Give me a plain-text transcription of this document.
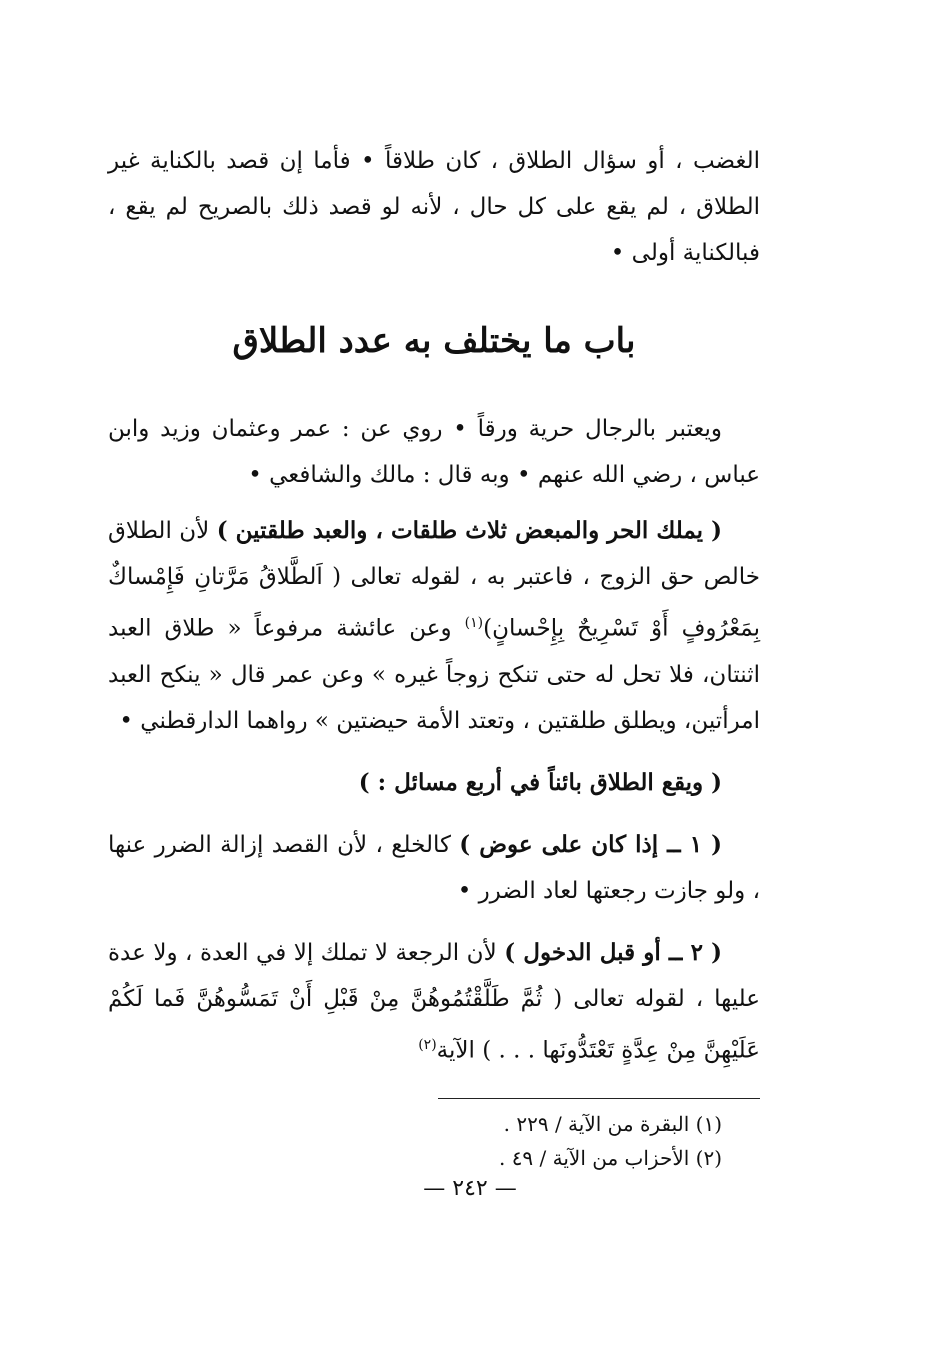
الغضب ، أو سؤال الطلاق ، كان طلاقاً • فأما إن قصد بالكناية غير الطلاق ، لم يقع على كل حال ، لأنه لو قصد ذلك بالصريح لم يقع ، فبالكناية أولى •

باب ما يختلف به عدد الطلاق

ويعتبر بالرجال حرية ورقاً • روي عن : عمر وعثمان وزيد وابن عباس ، رضي الله عنهم • وبه قال : مالك والشافعي •

( يملك الحر والمبعض ثلاث طلقات ، والعبد طلقتين ) لأن الطلاق خالص حق الزوج ، فاعتبر به ، لقوله تعالى ( اَلطَّلاقُ مَرَّتانِ فَإِمْساكٌ بِمَعْرُوفٍ أَوْ تَسْرِيحٌ بِإِحْسانٍ)$^{(١)}$ وعن عائشة مرفوعاً « طلاق العبد اثنتان، فلا تحل له حتى تنكح زوجاً غيره » وعن عمر قال « ينكح العبد امرأتين، ويطلق طلقتين ، وتعتد الأمة حيضتين » رواهما الدارقطني •

( ويقع الطلاق بائناً في أربع مسائل : )

( ١ ــ إذا كان على عوض ) كالخلع ، لأن القصد إزالة الضرر عنها ، ولو جازت رجعتها لعاد الضرر •

( ٢ ــ أو قبل الدخول ) لأن الرجعة لا تملك إلا في العدة ، ولا عدة عليها ، لقوله تعالى ( ثُمَّ طَلَّقْتُمُوهُنَّ مِنْ قَبْلِ أَنْ تَمَسُّوهُنَّ فَما لَكُمْ عَلَيْهِنَّ مِنْ عِدَّةٍ تَعْتَدُّونَها . . . ) الآية$^{(٢)}$

(١) البقرة من الآية / ٢٢٩ .

(٢) الأحزاب من الآية / ٤٩ .

— ٢٤٢ —
